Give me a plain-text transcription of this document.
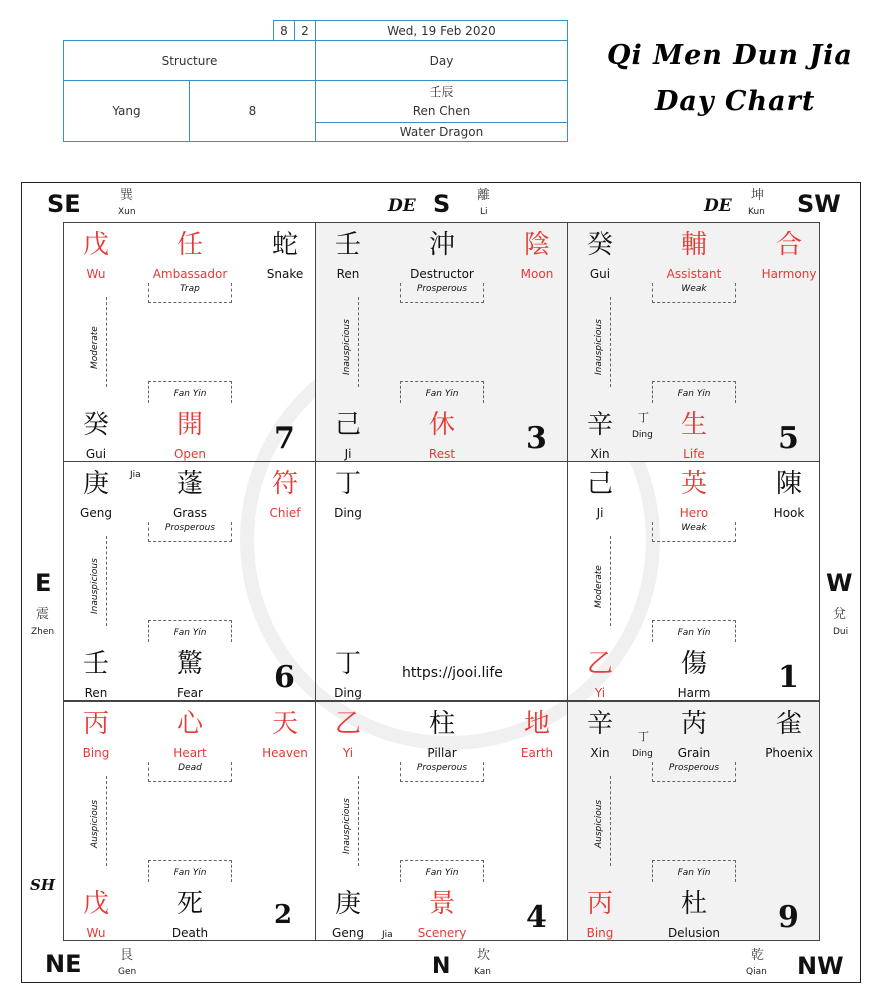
8	2	Wed, 19 Feb 2020
Structure	Day
Yang	8
壬辰
Ren Chen
Water Dragon
Qi Men Dun Jia
Day Chart
SE	巽
Xun	DE S 離
Li	DE
坤
Kun SW
E
震
Zhen
W
兌
Dui
SH
NE	艮
Gen	N 坎
Kan
乾
Qian NW
戊
Wu
任
Ambassador
蛇
Snake
Trap
Moderate
Fan Yin
癸
Gui
開
Open	7
壬
Ren
沖
Destructor
陰
Moon
Prosperous
Inauspicious
Fan Yin
己
Ji
休
Rest	3
癸
Gui
輔
Assistant
合
Harmony
Weak
Inauspicious
Fan Yin
辛
Xin
丁
Ding 生
Life	5
庚
Geng
Jia 蓬
Grass
符
Chief
Prosperous
Inauspicious
Fan Yin
壬
Ren
驚
Fear	6
丁
Ding
https://jooi.life
丁
Ding
己
Ji
英
Hero
陳
Hook
Weak
Moderate
Fan Yin
乙
Yi
傷
Harm	1
丙
Bing
心
Heart
天
Heaven
Dead
Auspicious
Fan Yin
戊
Wu
死
Death
2
乙
Yi
柱
Pillar
地
Earth
Prosperous
Inauspicious
Fan Yin
庚
Geng	Jia
景
Scenery	4
辛
Xin
丁
Ding
芮
Grain
雀
Phoenix
Prosperous
Auspicious
Fan Yin
丙
Bing
杜
Delusion	9
